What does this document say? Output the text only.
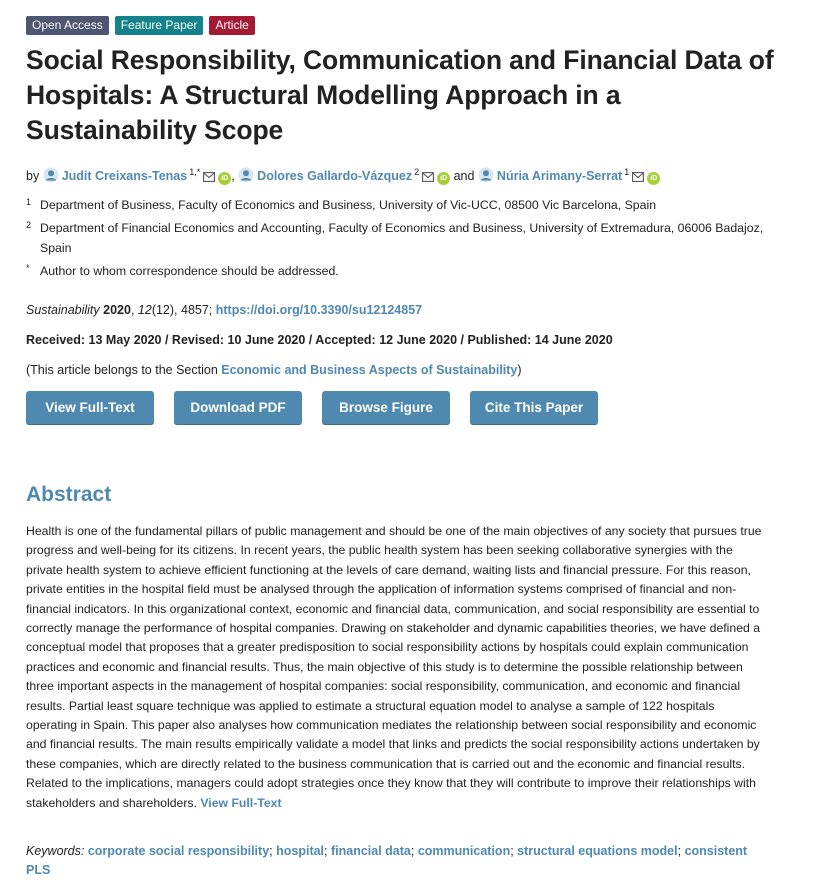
Open Access	Feature Paper	Article
Social Responsibility, Communication and Financial Data of Hospitals: A Structural Modelling Approach in a Sustainability Scope
by Judit Creixans-Tenas $^{1,*}$iD , Dolores Gallardo-Vázquez $^2$iD and Núria Arimany-Serrat $^1$iD
1 Department of Business, Faculty of Economics and Business, University of Vic-UCC, 08500 Vic Barcelona, Spain
2 Department of Financial Economics and Accounting, Faculty of Economics and Business, University of Extremadura, 06006 Badajoz, Spain
* Author to whom correspondence should be addressed.
Sustainability 2020, 12(12), 4857; https://doi.org/10.3390/su12124857
Received: 13 May 2020 / Revised: 10 June 2020 / Accepted: 12 June 2020 / Published: 14 June 2020
(This article belongs to the Section Economic and Business Aspects of Sustainability)
View Full-Text	Download PDF	Browse Figure	Cite This Paper
Abstract
Health is one of the fundamental pillars of public management and should be one of the main objectives of any society that pursues true progress and well-being for its citizens. In recent years, the public health system has been seeking collaborative synergies with the private health system to achieve efficient functioning at the levels of care demand, waiting lists and financial pressure. For this reason, private entities in the hospital field must be analysed through the application of information systems comprised of financial and non-financial indicators. In this organizational context, economic and financial data, communication, and social responsibility are essential to correctly manage the performance of hospital companies. Drawing on stakeholder and dynamic capabilities theories, we have defined a conceptual model that proposes that a greater predisposition to social responsibility actions by hospitals could explain communication practices and economic and financial results. Thus, the main objective of this study is to determine the possible relationship between three important aspects in the management of hospital companies: social responsibility, communication, and economic and financial results. Partial least square technique was applied to estimate a structural equation model to analyse a sample of 122 hospitals operating in Spain. This paper also analyses how communication mediates the relationship between social responsibility and economic and financial results. The main results empirically validate a model that links and predicts the social responsibility actions undertaken by these companies, which are directly related to the business communication that is carried out and the economic and financial results. Related to the implications, managers could adopt strategies once they know that they will contribute to improve their relationships with stakeholders and shareholders. View Full-Text
Keywords: corporate social responsibility; hospital; financial data; communication; structural equations model; consistent PLS
